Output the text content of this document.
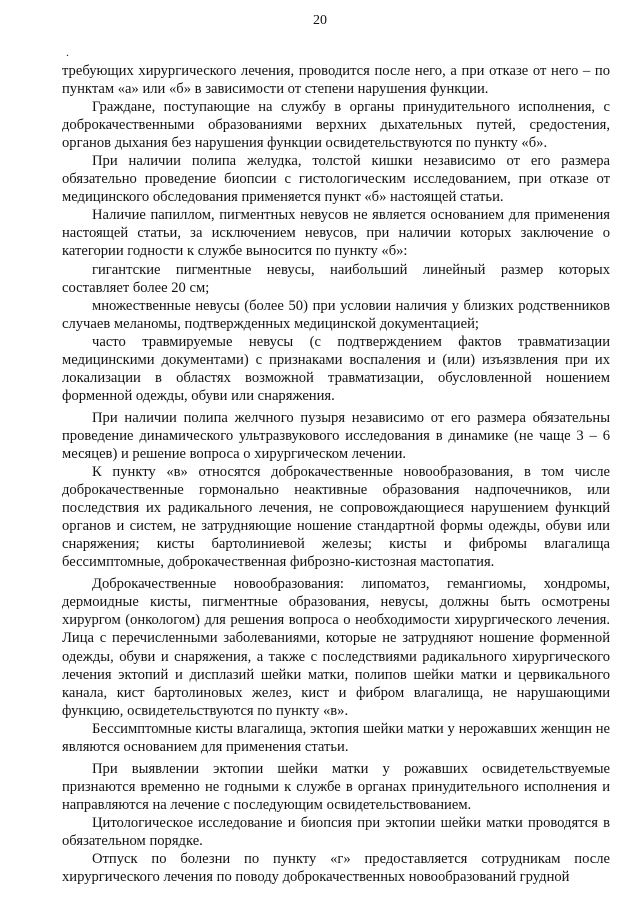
20
.

требующих хирургического лечения, проводится после него, а при отказе от него – по пунктам «а» или «б» в зависимости от степени нарушения функции.

Граждане, поступающие на службу в органы принудительного исполнения, с доброкачественными образованиями верхних дыхательных путей, средостения, органов дыхания без нарушения функции освидетельствуются по пункту «б».

При наличии полипа желудка, толстой кишки независимо от его размера обязательно проведение биопсии с гистологическим исследованием, при отказе от медицинского обследования применяется пункт «б» настоящей статьи.

Наличие папиллом, пигментных невусов не является основанием для применения настоящей статьи, за исключением невусов, при наличии которых заключение о категории годности к службе выносится по пункту «б»:

гигантские пигментные невусы, наибольший линейный размер которых составляет более 20 см;

множественные невусы (более 50) при условии наличия у близких родственников случаев меланомы, подтвержденных медицинской документацией;

часто травмируемые невусы (с подтверждением фактов травматизации медицинскими документами) с признаками воспаления и (или) изъязвления при их локализации в областях возможной травматизации, обусловленной ношением форменной одежды, обуви или снаряжения.

При наличии полипа желчного пузыря независимо от его размера обязательны проведение динамического ультразвукового исследования в динамике (не чаще 3 – 6 месяцев) и решение вопроса о хирургическом лечении.

К пункту «в» относятся доброкачественные новообразования, в том числе доброкачественные гормонально неактивные образования надпочечников, или последствия их радикального лечения, не сопровождающиеся нарушением функций органов и систем, не затрудняющие ношение стандартной формы одежды, обуви или снаряжения; кисты бартолиниевой железы; кисты и фибромы влагалища бессимптомные, доброкачественная фиброзно-кистозная мастопатия.

Доброкачественные новообразования: липоматоз, гемангиомы, хондромы, дермоидные кисты, пигментные образования, невусы, должны быть осмотрены хирургом (онкологом) для решения вопроса о необходимости хирургического лечения. Лица с перечисленными заболеваниями, которые не затрудняют ношение форменной одежды, обуви и снаряжения, а также с последствиями радикального хирургического лечения эктопий и дисплазий шейки матки, полипов шейки матки и цервикального канала, кист бартолиновых желез, кист и фибром влагалища, не нарушающими функцию, освидетельствуются по пункту «в».

Бессимптомные кисты влагалища, эктопия шейки матки у нерожавших женщин не являются основанием для применения статьи.

При выявлении эктопии шейки матки у рожавших освидетельствуемые признаются временно не годными к службе в органах принудительного исполнения и направляются на лечение с последующим освидетельствованием.

Цитологическое исследование и биопсия при эктопии шейки матки проводятся в обязательном порядке.

Отпуск по болезни по пункту «г» предоставляется сотрудникам после хирургического лечения по поводу доброкачественных новообразований грудной
